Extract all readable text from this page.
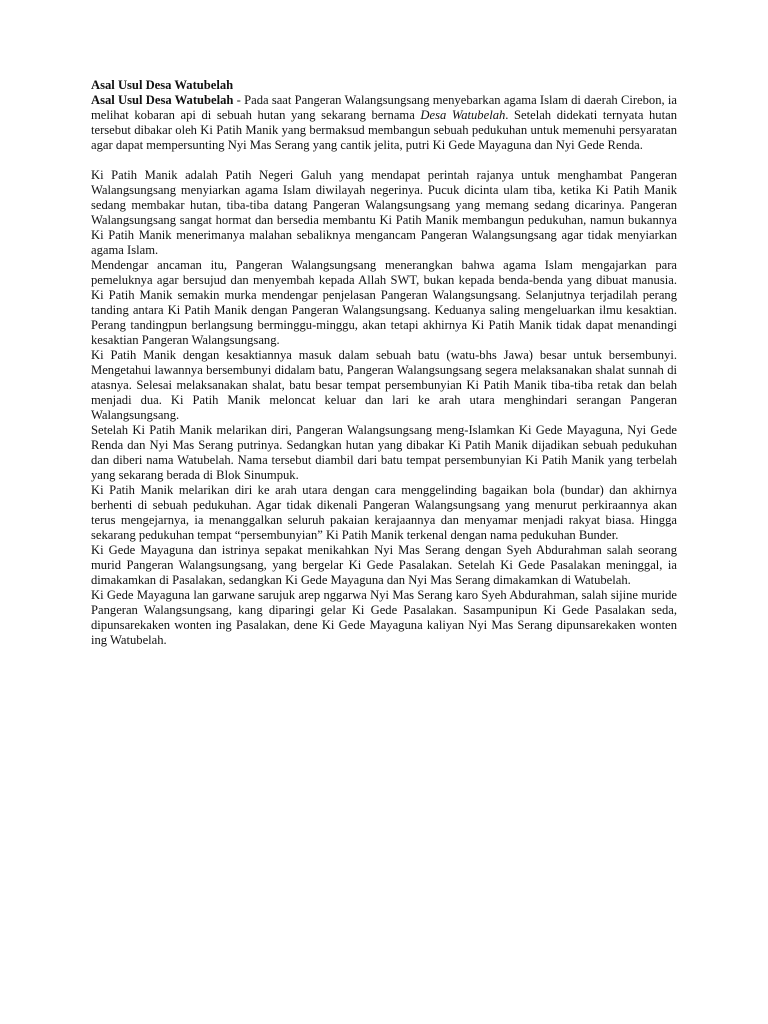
Asal Usul Desa Watubelah

Asal Usul Desa Watubelah - Pada saat Pangeran Walangsungsang menyebarkan agama Islam di daerah Cirebon, ia melihat kobaran api di sebuah hutan yang sekarang bernama Desa Watubelah. Setelah didekati ternyata hutan tersebut dibakar oleh Ki Patih Manik yang bermaksud membangun sebuah pedukuhan untuk memenuhi persyaratan agar dapat mempersunting Nyi Mas Serang yang cantik jelita, putri Ki Gede Mayaguna dan Nyi Gede Renda.

Ki Patih Manik adalah Patih Negeri Galuh yang mendapat perintah rajanya untuk menghambat Pangeran Walangsungsang menyiarkan agama Islam diwilayah negerinya. Pucuk dicinta ulam tiba, ketika Ki Patih Manik sedang membakar hutan, tiba-tiba datang Pangeran Walangsungsang yang memang sedang dicarinya. Pangeran Walangsungsang sangat hormat dan bersedia membantu Ki Patih Manik membangun pedukuhan, namun bukannya Ki Patih Manik menerimanya malahan sebaliknya mengancam Pangeran Walangsungsang agar tidak menyiarkan agama Islam.

Mendengar ancaman itu, Pangeran Walangsungsang menerangkan bahwa agama Islam mengajarkan para pemeluknya agar bersujud dan menyembah kepada Allah SWT, bukan kepada benda-benda yang dibuat manusia. Ki Patih Manik semakin murka mendengar penjelasan Pangeran Walangsungsang. Selanjutnya terjadilah perang tanding antara Ki Patih Manik dengan Pangeran Walangsungsang. Keduanya saling mengeluarkan ilmu kesaktian. Perang tandingpun berlangsung berminggu-minggu, akan tetapi akhirnya Ki Patih Manik tidak dapat menandingi kesaktian Pangeran Walangsungsang.

Ki Patih Manik dengan kesaktiannya masuk dalam sebuah batu (watu-bhs Jawa) besar untuk bersembunyi. Mengetahui lawannya bersembunyi didalam batu, Pangeran Walangsungsang segera melaksanakan shalat sunnah di atasnya. Selesai melaksanakan shalat, batu besar tempat persembunyian Ki Patih Manik tiba-tiba retak dan belah menjadi dua. Ki Patih Manik meloncat keluar dan lari ke arah utara menghindari serangan Pangeran Walangsungsang.

Setelah Ki Patih Manik melarikan diri, Pangeran Walangsungsang meng-Islamkan Ki Gede Mayaguna, Nyi Gede Renda dan Nyi Mas Serang putrinya. Sedangkan hutan yang dibakar Ki Patih Manik dijadikan sebuah pedukuhan dan diberi nama Watubelah. Nama tersebut diambil dari batu tempat persembunyian Ki Patih Manik yang terbelah yang sekarang berada di Blok Sinumpuk.

Ki Patih Manik melarikan diri ke arah utara dengan cara menggelinding bagaikan bola (bundar) dan akhirnya berhenti di sebuah pedukuhan. Agar tidak dikenali Pangeran Walangsungsang yang menurut perkiraannya akan terus mengejarnya, ia menanggalkan seluruh pakaian kerajaannya dan menyamar menjadi rakyat biasa. Hingga sekarang pedukuhan tempat “persembunyian” Ki Patih Manik terkenal dengan nama pedukuhan Bunder.

Ki Gede Mayaguna dan istrinya sepakat menikahkan Nyi Mas Serang dengan Syeh Abdurahman salah seorang murid Pangeran Walangsungsang, yang bergelar Ki Gede Pasalakan. Setelah Ki Gede Pasalakan meninggal, ia dimakamkan di Pasalakan, sedangkan Ki Gede Mayaguna dan Nyi Mas Serang dimakamkan di Watubelah.

Ki Gede Mayaguna lan garwane sarujuk arep nggarwa Nyi Mas Serang karo Syeh Abdurahman, salah sijine muride Pangeran Walangsungsang, kang diparingi gelar Ki Gede Pasalakan. Sasampunipun Ki Gede Pasalakan seda, dipunsarekaken wonten ing Pasalakan, dene Ki Gede Mayaguna kaliyan Nyi Mas Serang dipunsarekaken wonten ing Watubelah.
